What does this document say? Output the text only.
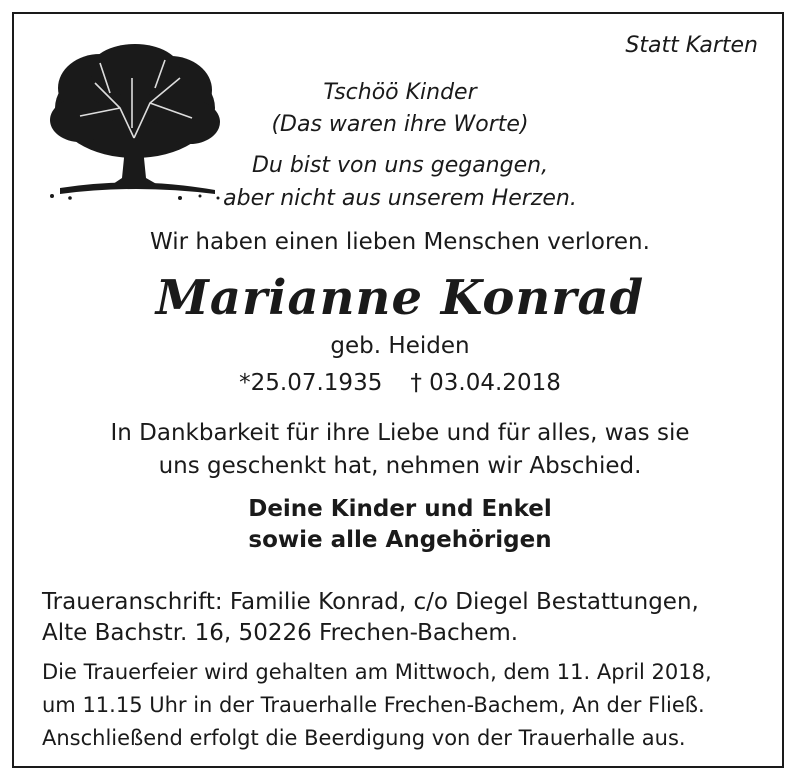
Statt Karten
Tschöö Kinder
(Das waren ihre Worte)
Du bist von uns gegangen,
aber nicht aus unserem Herzen.
Wir haben einen lieben Menschen verloren.
Marianne Konrad
geb. Heiden
*25.07.1935 † 03.04.2018
In Dankbarkeit für ihre Liebe und für alles, was sie
uns geschenkt hat, nehmen wir Abschied.
Deine Kinder und Enkel
sowie alle Angehörigen
Traueranschrift: Familie Konrad, c/o Diegel Bestattungen,
Alte Bachstr. 16, 50226 Frechen-Bachem.
Die Trauerfeier wird gehalten am Mittwoch, dem 11. April 2018,
um 11.15 Uhr in der Trauerhalle Frechen-Bachem, An der Fließ.
Anschließend erfolgt die Beerdigung von der Trauerhalle aus.
